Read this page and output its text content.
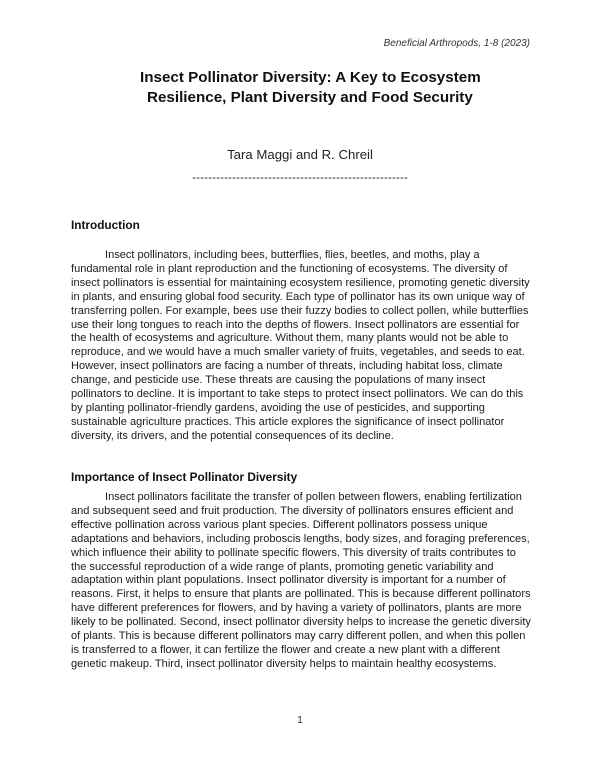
Beneficial Arthropods, 1-8 (2023)
Insect Pollinator Diversity: A Key to Ecosystem
Resilience, Plant Diversity and Food Security
Tara Maggi and R. Chreil
------------------------------------------------------
Introduction

Insect pollinators, including bees, butterflies, flies, beetles, and moths, play a fundamental role in plant reproduction and the functioning of ecosystems. The diversity of insect pollinators is essential for maintaining ecosystem resilience, promoting genetic diversity in plants, and ensuring global food security. Each type of pollinator has its own unique way of transferring pollen. For example, bees use their fuzzy bodies to collect pollen, while butterflies use their long tongues to reach into the depths of flowers. Insect pollinators are essential for the health of ecosystems and agriculture. Without them, many plants would not be able to reproduce, and we would have a much smaller variety of fruits, vegetables, and seeds to eat. However, insect pollinators are facing a number of threats, including habitat loss, climate change, and pesticide use. These threats are causing the populations of many insect pollinators to decline. It is important to take steps to protect insect pollinators. We can do this by planting pollinator-friendly gardens, avoiding the use of pesticides, and supporting sustainable agriculture practices. This article explores the significance of insect pollinator diversity, its drivers, and the potential consequences of its decline.

Importance of Insect Pollinator Diversity

Insect pollinators facilitate the transfer of pollen between flowers, enabling fertilization and subsequent seed and fruit production. The diversity of pollinators ensures efficient and effective pollination across various plant species. Different pollinators possess unique adaptations and behaviors, including proboscis lengths, body sizes, and foraging preferences, which influence their ability to pollinate specific flowers. This diversity of traits contributes to the successful reproduction of a wide range of plants, promoting genetic variability and adaptation within plant populations. Insect pollinator diversity is important for a number of reasons. First, it helps to ensure that plants are pollinated. This is because different pollinators have different preferences for flowers, and by having a variety of pollinators, plants are more likely to be pollinated. Second, insect pollinator diversity helps to increase the genetic diversity of plants. This is because different pollinators may carry different pollen, and when this pollen is transferred to a flower, it can fertilize the flower and create a new plant with a different genetic makeup. Third, insect pollinator diversity helps to maintain healthy ecosystems.

1
